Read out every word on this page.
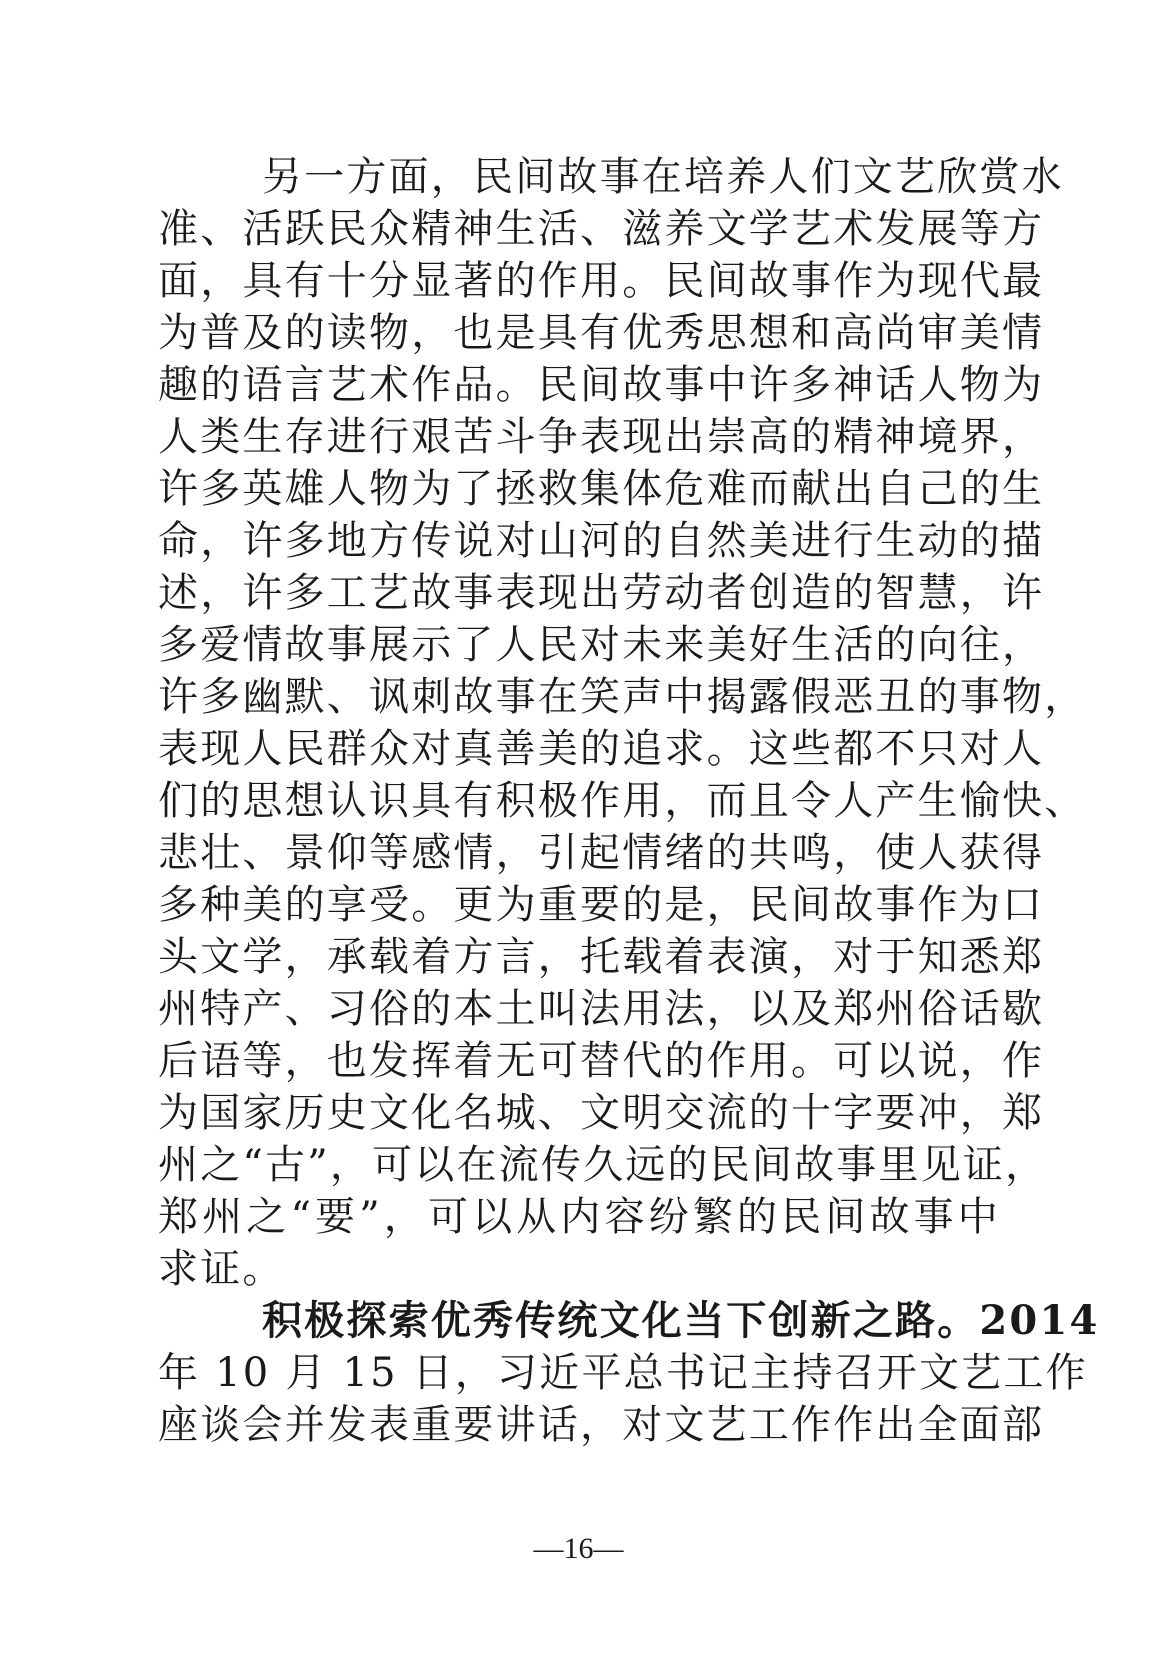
另一方面，民间故事在培养人们文艺欣赏水
准、活跃民众精神生活、滋养文学艺术发展等方
面，具有十分显著的作用。民间故事作为现代最
为普及的读物，也是具有优秀思想和高尚审美情
趣的语言艺术作品。民间故事中许多神话人物为
人类生存进行艰苦斗争表现出崇高的精神境界，
许多英雄人物为了拯救集体危难而献出自己的生
命，许多地方传说对山河的自然美进行生动的描
述，许多工艺故事表现出劳动者创造的智慧，许
多爱情故事展示了人民对未来美好生活的向往，
许多幽默、讽刺故事在笑声中揭露假恶丑的事物，
表现人民群众对真善美的追求。这些都不只对人
们的思想认识具有积极作用，而且令人产生愉快、
悲壮、景仰等感情，引起情绪的共鸣，使人获得
多种美的享受。更为重要的是，民间故事作为口
头文学，承载着方言，托载着表演，对于知悉郑
州特产、习俗的本土叫法用法，以及郑州俗话歇
后语等，也发挥着无可替代的作用。可以说，作
为国家历史文化名城、文明交流的十字要冲，郑
州之“古”，可以在流传久远的民间故事里见证，
郑州之“要”，可以从内容纷繁的民间故事中
求证。
积极探索优秀传统文化当下创新之路。2014
年 10 月 15 日，习近平总书记主持召开文艺工作
座谈会并发表重要讲话，对文艺工作作出全面部
—16—
